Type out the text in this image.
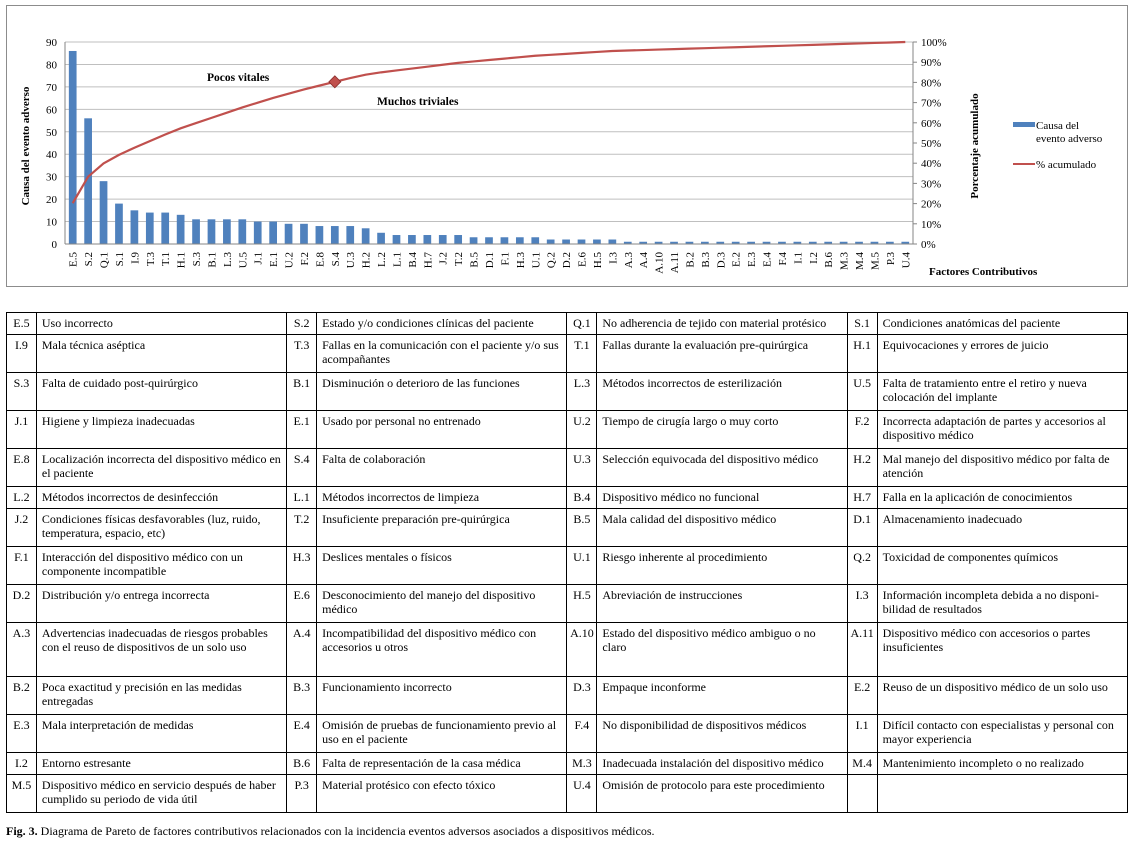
0
10
20
30
40
50
60
70
80
90
0%
10%
20%
30%
40%
50%
60%
70%
80%
90%
100%
E.5 S.2 Q.1 S.1 I.9 T.3 T.1 H.1 S.3 B.1 L.3 U.5 J.1 E.1 U.2 F.2 E.8 S.4 U.3 H.2 L.2 L.1 B.4 H.7 J.2 T.2 B.5 D.1 F.1 H.3 U.1 Q.2 D.2 E.6 H.5 I.3 A.3 A.4 A.10 A.11 B.2 B.3 D.3 E.2 E.3 E.4 F.4 I.1 I.2 B.6 M.3 M.4 M.5 P.3 U.4
Causa del evento adverso	Porcentaje acumulado
Factores Contributivos
Pocos vitales
Muchos triviales
Causa del evento adverso
% acumulado
E.5	Uso incorrecto	S.2	Estado y/o condiciones clínicas del paciente	Q.1	No adherencia de tejido con material protésico	S.1	Condiciones anatómicas del paciente
I.9	Mala técnica aséptica	T.3	Fallas en la comunicación con el paciente y/o sus acompañantes	T.1	Fallas durante la evaluación pre-quirúrgica	H.1	Equivocaciones y errores de juicio
S.3	Falta de cuidado post-quirúrgico	B.1	Disminución o deterioro de las funciones	L.3	Métodos incorrectos de esterilización	U.5	Falta de tratamiento entre el retiro y nueva colocación del implante
J.1	Higiene y limpieza inadecuadas	E.1	Usado por personal no entrenado	U.2	Tiempo de cirugía largo o muy corto	F.2	Incorrecta adaptación de partes y accesorios al dispositivo médico
E.8	Localización incorrecta del dispositivo médico en el paciente	S.4	Falta de colaboración	U.3	Selección equivocada del dispositivo médico	H.2	Mal manejo del dispositivo médico por falta de atención
L.2	Métodos incorrectos de desinfección	L.1	Métodos incorrectos de limpieza	B.4	Dispositivo médico no funcional	H.7	Falla en la aplicación de conocimientos
J.2	Condiciones físicas desfavorables (luz, ruido, temperatura, espacio, etc)	T.2	Insuficiente preparación pre-quirúrgica	B.5	Mala calidad del dispositivo médico	D.1	Almacenamiento inadecuado
F.1	Interacción del dispositivo médico con un componente incompatible	H.3	Deslices mentales o físicos	U.1	Riesgo inherente al procedimiento	Q.2	Toxicidad de componentes químicos
D.2	Distribución y/o entrega incorrecta	E.6	Desconocimiento del manejo del dispositivo médico	H.5	Abreviación de instrucciones	I.3	Información incompleta debida a no disponi-bilidad de resultados
A.3	Advertencias inadecuadas de riesgos probables con el reuso de dispositivos de un solo uso	A.4	Incompatibilidad del dispositivo médico con accesorios u otros	A.10	Estado del dispositivo médico ambiguo o no claro	A.11	Dispositivo médico con accesorios o partes insuficientes
B.2	Poca exactitud y precisión en las medidas entregadas	B.3	Funcionamiento incorrecto	D.3	Empaque inconforme	E.2	Reuso de un dispositivo médico de un solo uso
E.3	Mala interpretación de medidas	E.4	Omisión de pruebas de funcionamiento previo al uso en el paciente	F.4	No disponibilidad de dispositivos médicos	I.1	Difícil contacto con especialistas y personal con mayor experiencia
I.2	Entorno estresante	B.6	Falta de representación de la casa médica	M.3	Inadecuada instalación del dispositivo médico	M.4	Mantenimiento incompleto o no realizado
M.5	Dispositivo médico en servicio después de haber cumplido su periodo de vida útil	P.3	Material protésico con efecto tóxico	U.4	Omisión de protocolo para este procedimiento		
Fig. 3. Diagrama de Pareto de factores contributivos relacionados con la incidencia eventos adversos asociados a dispositivos médicos.
